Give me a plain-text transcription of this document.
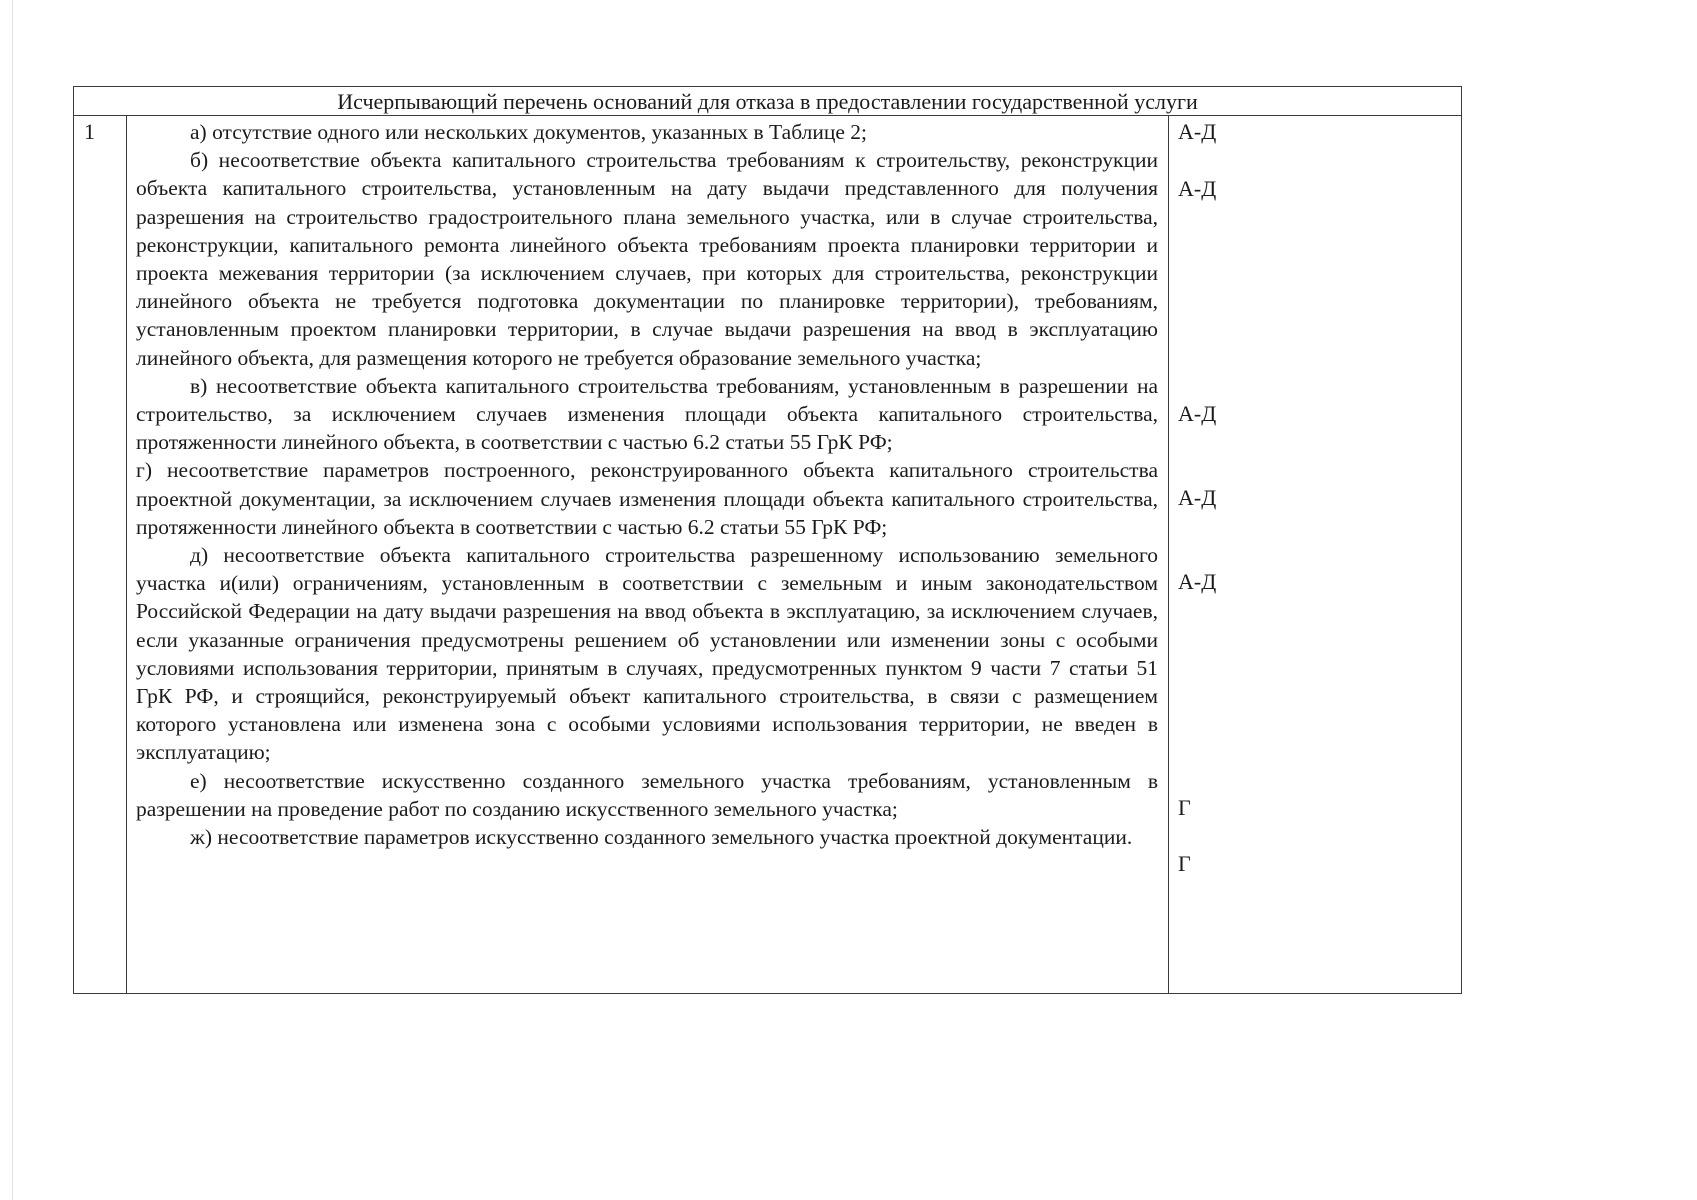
Исчерпывающий перечень оснований для отказа в предоставлении государственной услуги
1	а) отсутствие одного или нескольких документов, указанных в Таблице 2;

б) несоответствие объекта капитального строительства требованиям к строительству, реконструкции объекта капитального строительства, установленным на дату выдачи представленного для получения разрешения на строительство градостроительного плана земельного участка, или в случае строительства, реконструкции, капитального ремонта линейного объекта требованиям проекта планировки территории и проекта межевания территории (за исключением случаев, при которых для строительства, реконструкции линейного объекта не требуется подготовка документации по планировке территории), требованиям, установленным проектом планировки территории, в случае выдачи разрешения на ввод в эксплуатацию линейного объекта, для размещения которого не требуется образование земельного участка;

в) несоответствие объекта капитального строительства требованиям, установленным в разрешении на строительство, за исключением случаев изменения площади объекта капитального строительства, протяженности линейного объекта, в соответствии с частью 6.2 статьи 55 ГрК РФ;

г) несоответствие параметров построенного, реконструированного объекта капитального строительства проектной документации, за исключением случаев изменения площади объекта капитального строительства, протяженности линейного объекта в соответствии с частью 6.2 статьи 55 ГрК РФ;

д) несоответствие объекта капитального строительства разрешенному использованию земельного участка и(или) ограничениям, установленным в соответствии с земельным и иным законодательством Российской Федерации на дату выдачи разрешения на ввод объекта в эксплуатацию, за исключением случаев, если указанные ограничения предусмотрены решением об установлении или изменении зоны с особыми условиями использования территории, принятым в случаях, предусмотренных пунктом 9 части 7 статьи 51 ГрК РФ, и строящийся, реконструируемый объект капитального строительства, в связи с размещением которого установлена или изменена зона с особыми условиями использования территории, не введен в эксплуатацию;

е) несоответствие искусственно созданного земельного участка требованиям, установленным в разрешении на проведение работ по созданию искусственного земельного участка;

ж) несоответствие параметров искусственно созданного земельного участка проектной документации.

А-Д
А-Д
А-Д
А-Д
А-Д
Г
Г
